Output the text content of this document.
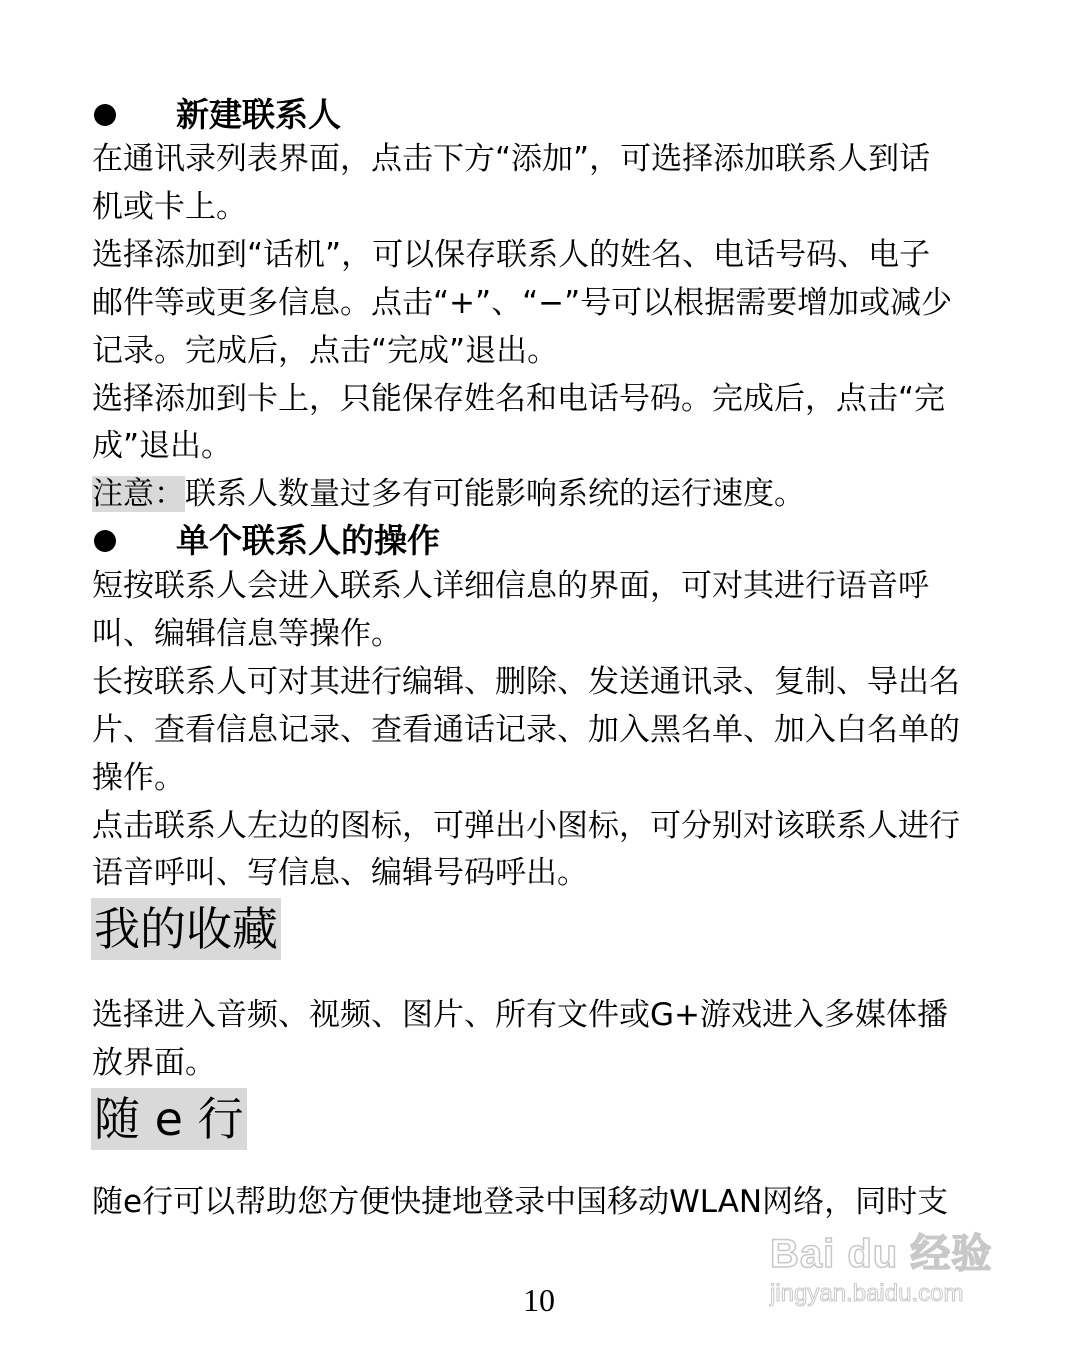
新建联系人
在通讯录列表界面，点击下方“添加”，可选择添加联系人到话
机或卡上。
选择添加到“话机”，可以保存联系人的姓名、电话号码、电子
邮件等或更多信息。点击“+”、“−”号可以根据需要增加或减少
记录。完成后，点击“完成”退出。
选择添加到卡上，只能保存姓名和电话号码。完成后，点击“完
成”退出。
注意：联系人数量过多有可能影响系统的运行速度。
单个联系人的操作
短按联系人会进入联系人详细信息的界面，可对其进行语音呼
叫、编辑信息等操作。
长按联系人可对其进行编辑、删除、发送通讯录、复制、导出名
片、查看信息记录、查看通话记录、加入黑名单、加入白名单的
操作。
点击联系人左边的图标，可弹出小图标，可分别对该联系人进行
语音呼叫、写信息、编辑号码呼出。
我的收藏
选择进入音频、视频、图片、所有文件或G+游戏进入多媒体播
放界面。
随 e 行
随e行可以帮助您方便快捷地登录中国移动WLAN网络，同时支
Bai du 经验
jingyan.baidu.com
10
